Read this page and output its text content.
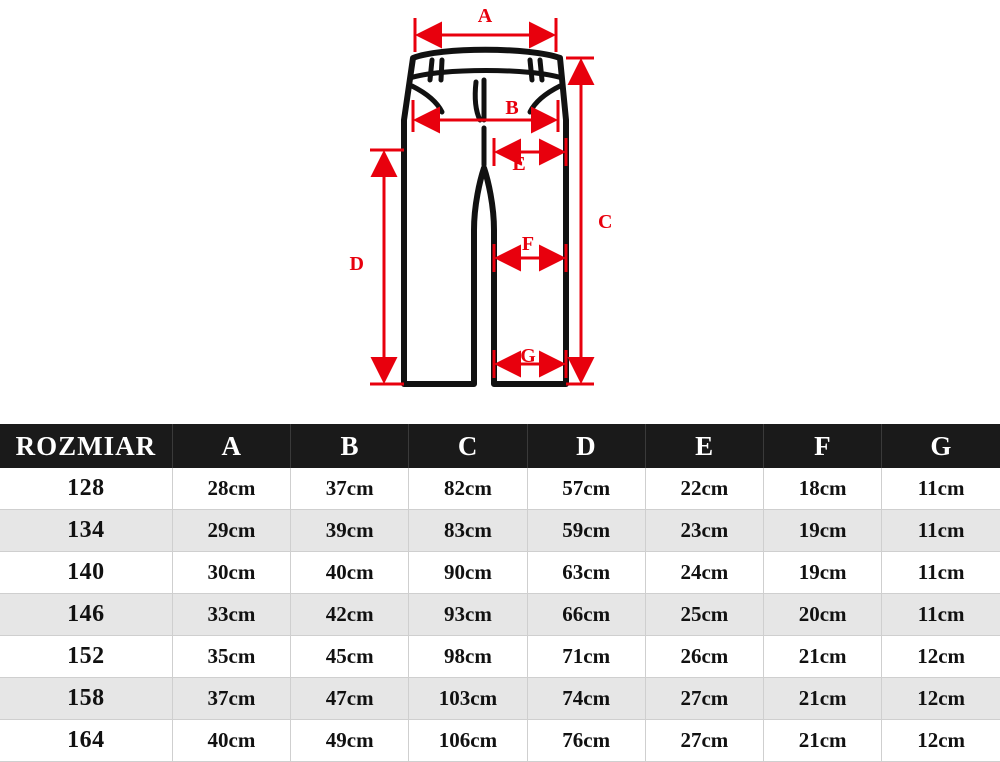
A
B
C
D
E
F
G
ROZMIAR	A	B	C	D	E	F	G
128	28cm	37cm	82cm	57cm	22cm	18cm	11cm
134	29cm	39cm	83cm	59cm	23cm	19cm	11cm
140	30cm	40cm	90cm	63cm	24cm	19cm	11cm
146	33cm	42cm	93cm	66cm	25cm	20cm	11cm
152	35cm	45cm	98cm	71cm	26cm	21cm	12cm
158	37cm	47cm	103cm	74cm	27cm	21cm	12cm
164	40cm	49cm	106cm	76cm	27cm	21cm	12cm
